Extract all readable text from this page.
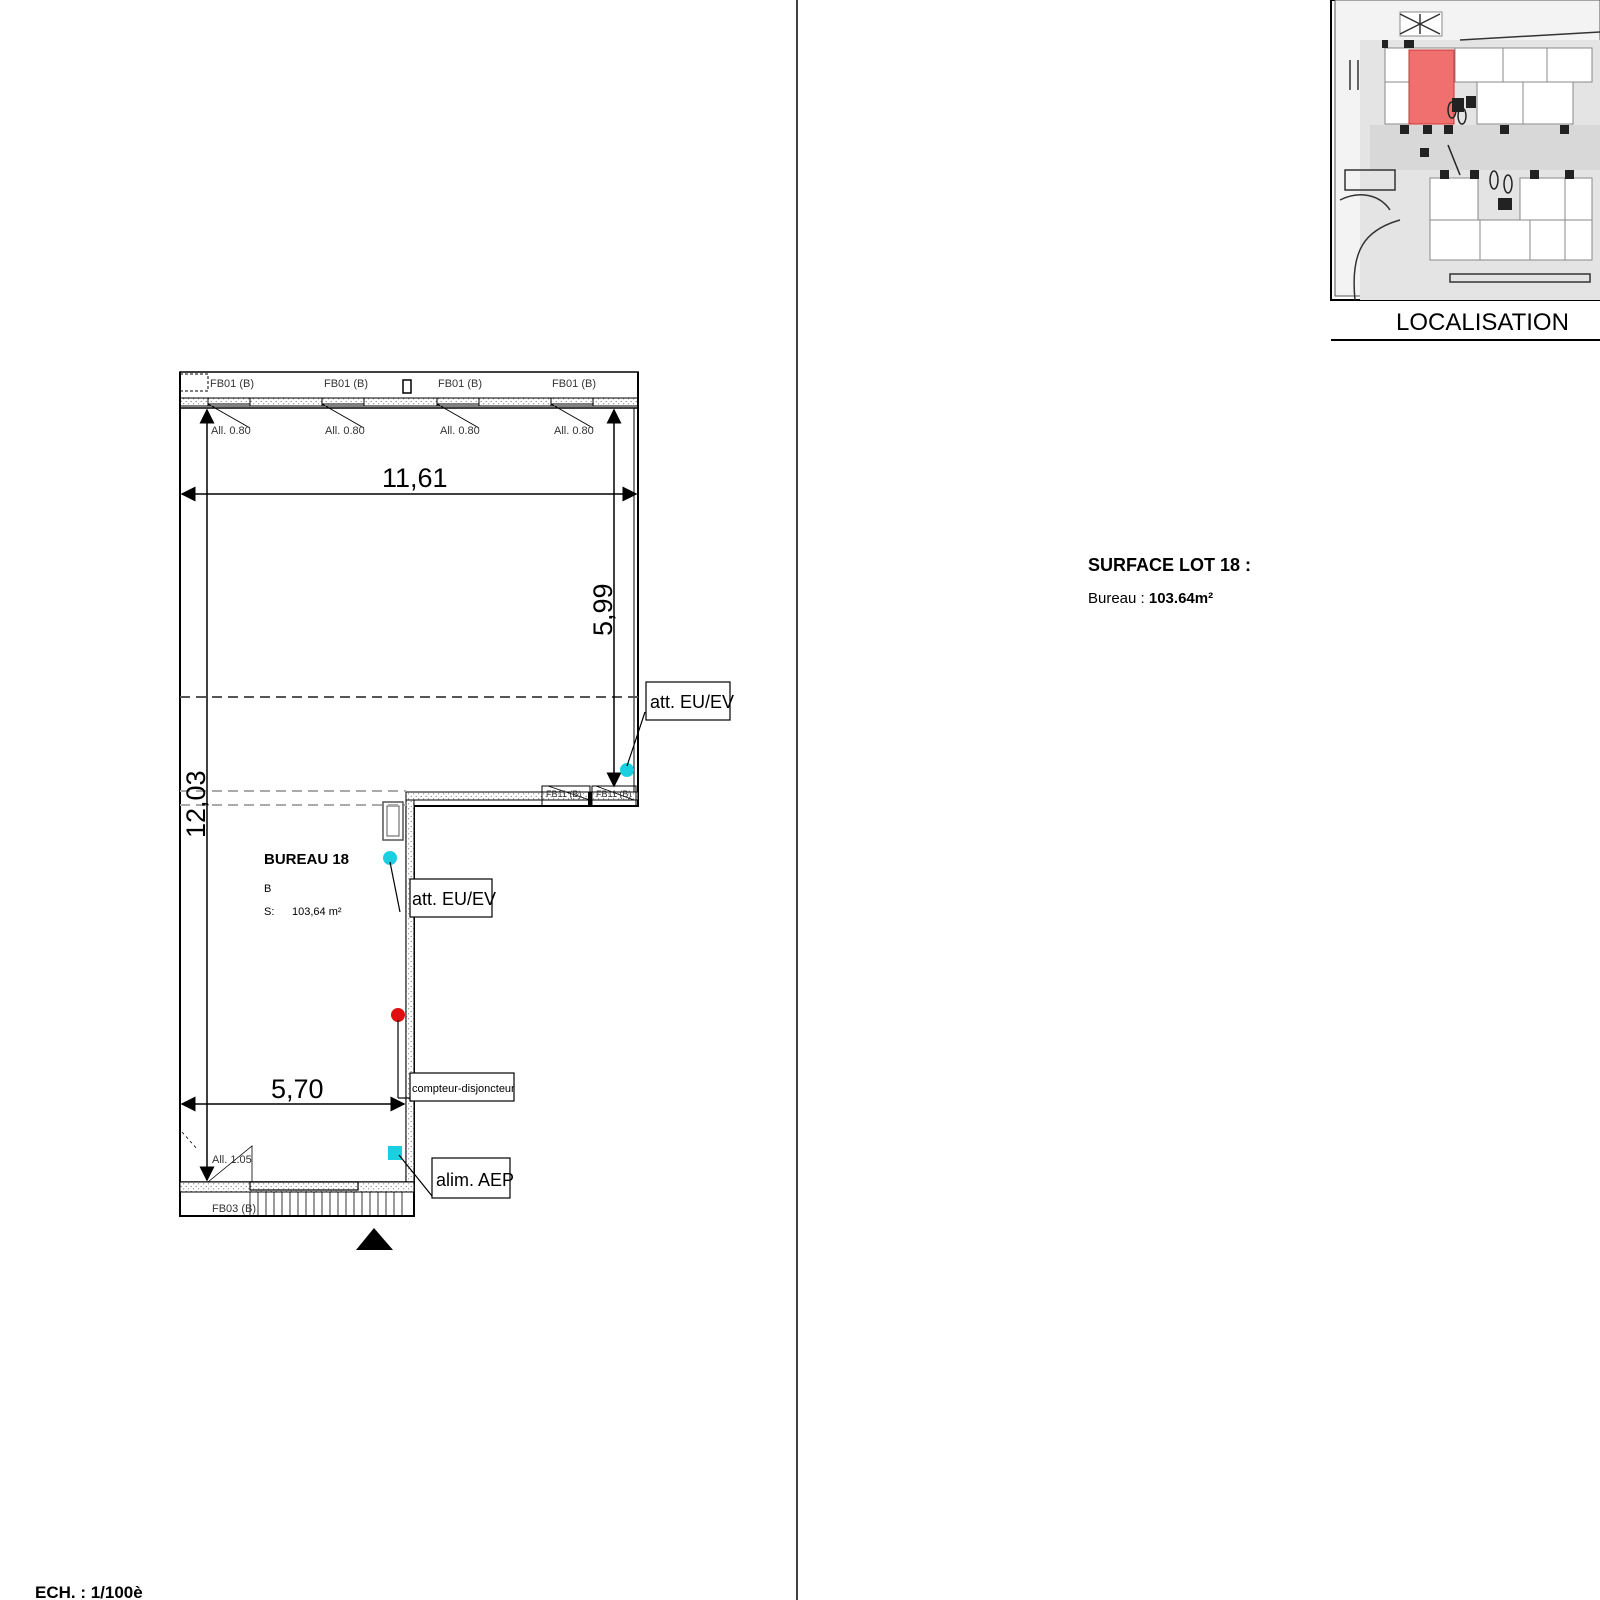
FB01 (B)	FB01 (B)	FB01 (B)	FB01 (B)
All. 0.80	All. 0.80	All. 0.80	All. 0.80
FB03 (B)
All. 1.05
FB11 (B) FB11 (B)
11,61
5,70
5,99
12,03
BUREAU 18
B
S: 103,64 m²
att. EU/EV
att. EU/EV
compteur-disjoncteur
alim. AEP
ECH. : 1/100è
LOCALISATION
SURFACE LOT 18 :
Bureau : 103.64m²
